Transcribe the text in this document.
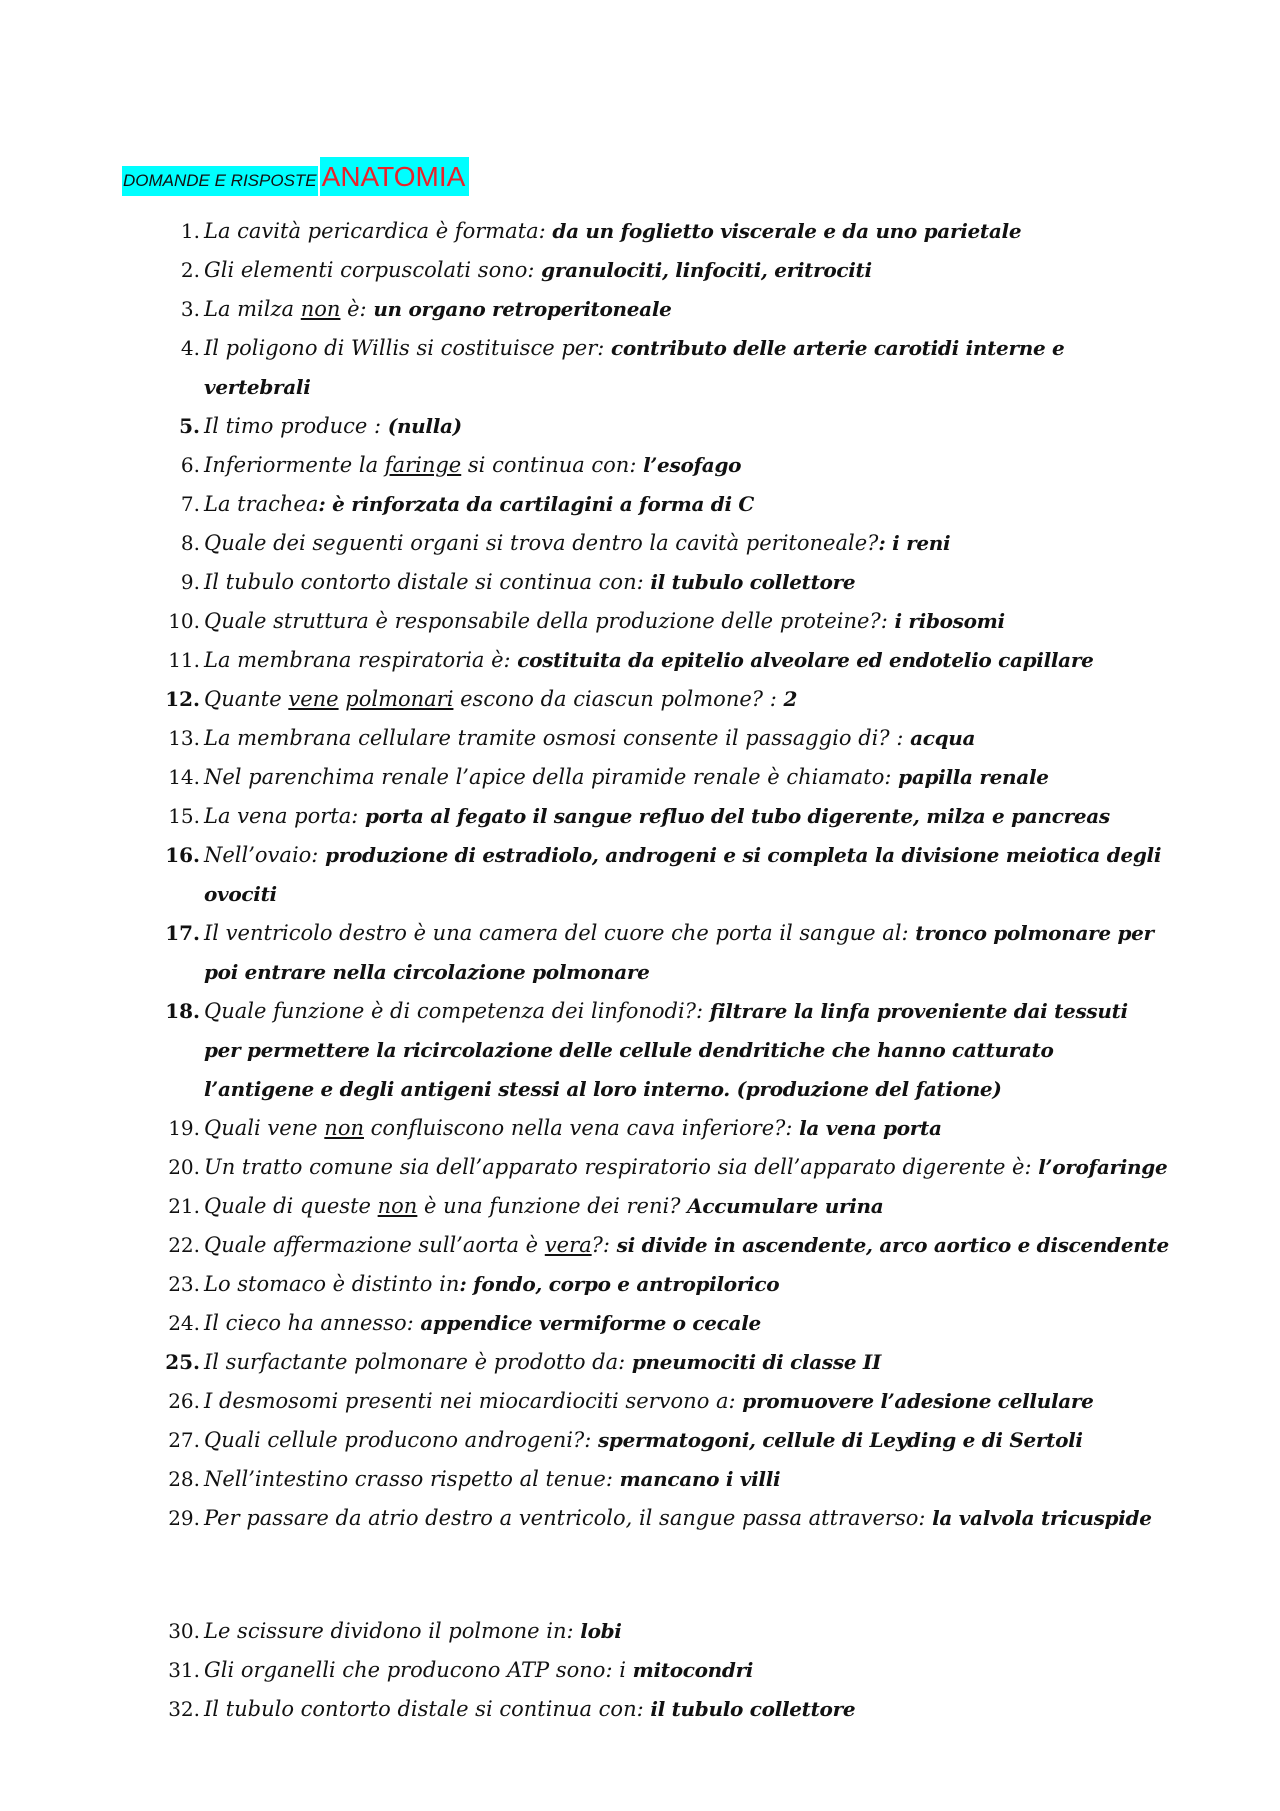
DOMANDE E RISPOSTE ANATOMIA
1. La cavità pericardica è formata: da un foglietto viscerale e da uno parietale
2. Gli elementi corpuscolati sono: granulociti, linfociti, eritrociti
3. La milza non è: un organo retroperitoneale
4. Il poligono di Willis si costituisce per: contributo delle arterie carotidi interne e vertebrali
5. Il timo produce : (nulla)
6. Inferiormente la faringe si continua con: l’esofago
7. La trachea: è rinforzata da cartilagini a forma di C
8. Quale dei seguenti organi si trova dentro la cavità peritoneale?: i reni
9. Il tubulo contorto distale si continua con: il tubulo collettore
10. Quale struttura è responsabile della produzione delle proteine?: i ribosomi
11. La membrana respiratoria è: costituita da epitelio alveolare ed endotelio capillare
12. Quante vene polmonari escono da ciascun polmone? : 2
13. La membrana cellulare tramite osmosi consente il passaggio di? : acqua
14. Nel parenchima renale l’apice della piramide renale è chiamato: papilla renale
15. La vena porta: porta al fegato il sangue refluo del tubo digerente, milza e pancreas
16. Nell’ovaio: produzione di estradiolo, androgeni e si completa la divisione meiotica degli ovociti
17. Il ventricolo destro è una camera del cuore che porta il sangue al: tronco polmonare per poi entrare nella circolazione polmonare
18. Quale funzione è di competenza dei linfonodi?: filtrare la linfa proveniente dai tessuti per permettere la ricircolazione delle cellule dendritiche che hanno catturato l’antigene e degli antigeni stessi al loro interno. (produzione del fatione)
19. Quali vene non confluiscono nella vena cava inferiore?: la vena porta
20. Un tratto comune sia dell’apparato respiratorio sia dell’apparato digerente è: l’orofaringe
21. Quale di queste non è una funzione dei reni? Accumulare urina
22. Quale affermazione sull’aorta è vera?: si divide in ascendente, arco aortico e discendente
23. Lo stomaco è distinto in: fondo, corpo e antropilorico
24. Il cieco ha annesso: appendice vermiforme o cecale
25. Il surfactante polmonare è prodotto da: pneumociti di classe II
26. I desmosomi presenti nei miocardiociti servono a: promuovere l’adesione cellulare
27. Quali cellule producono androgeni?: spermatogoni, cellule di Leyding e di Sertoli
28. Nell’intestino crasso rispetto al tenue: mancano i villi
29. Per passare da atrio destro a ventricolo, il sangue passa attraverso: la valvola tricuspide
30. Le scissure dividono il polmone in: lobi
31. Gli organelli che producono ATP sono: i mitocondri
32. Il tubulo contorto distale si continua con: il tubulo collettore
